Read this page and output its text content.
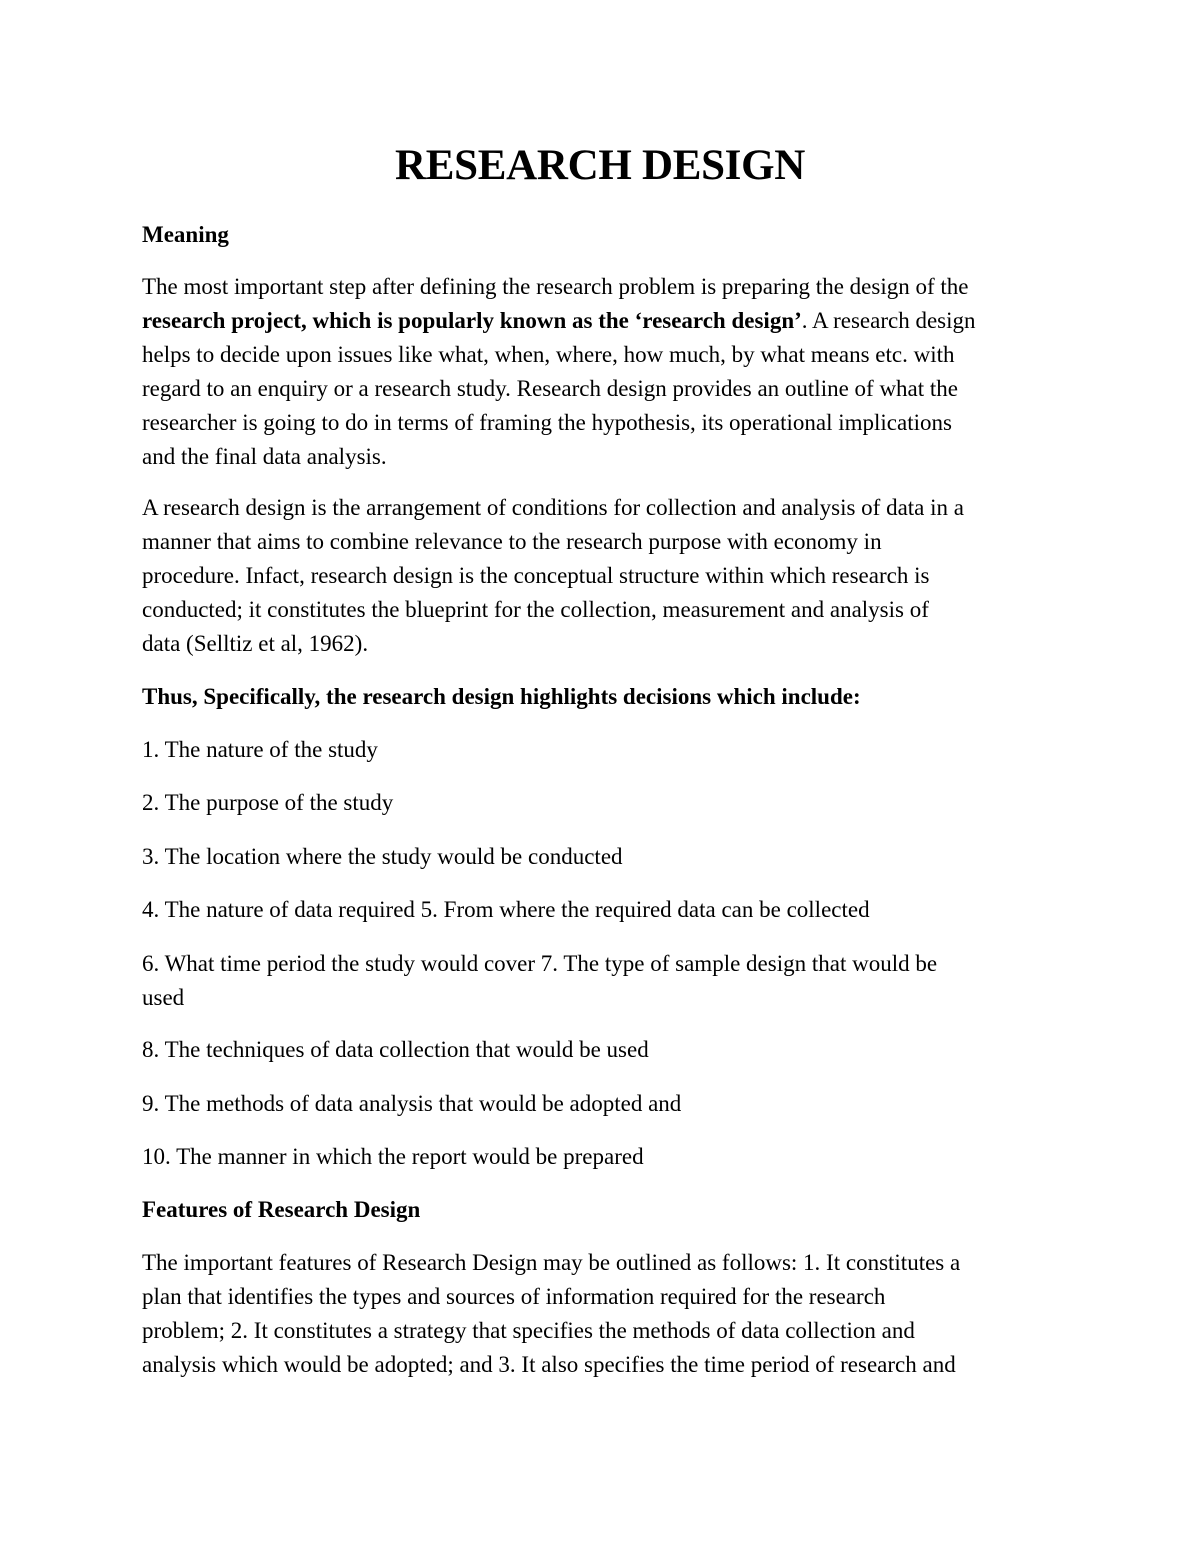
RESEARCH DESIGN
Meaning
The most important step after defining the research problem is preparing the design of the
research project, which is popularly known as the ‘research design’. A research design
helps to decide upon issues like what, when, where, how much, by what means etc. with
regard to an enquiry or a research study. Research design provides an outline of what the
researcher is going to do in terms of framing the hypothesis, its operational implications
and the final data analysis.
A research design is the arrangement of conditions for collection and analysis of data in a
manner that aims to combine relevance to the research purpose with economy in
procedure. Infact, research design is the conceptual structure within which research is
conducted; it constitutes the blueprint for the collection, measurement and analysis of
data (Selltiz et al, 1962).
Thus, Specifically, the research design highlights decisions which include:
1. The nature of the study
2. The purpose of the study
3. The location where the study would be conducted
4. The nature of data required 5. From where the required data can be collected
6. What time period the study would cover 7. The type of sample design that would be
used
8. The techniques of data collection that would be used
9. The methods of data analysis that would be adopted and
10. The manner in which the report would be prepared
Features of Research Design
The important features of Research Design may be outlined as follows: 1. It constitutes a
plan that identifies the types and sources of information required for the research
problem; 2. It constitutes a strategy that specifies the methods of data collection and
analysis which would be adopted; and 3. It also specifies the time period of research and
